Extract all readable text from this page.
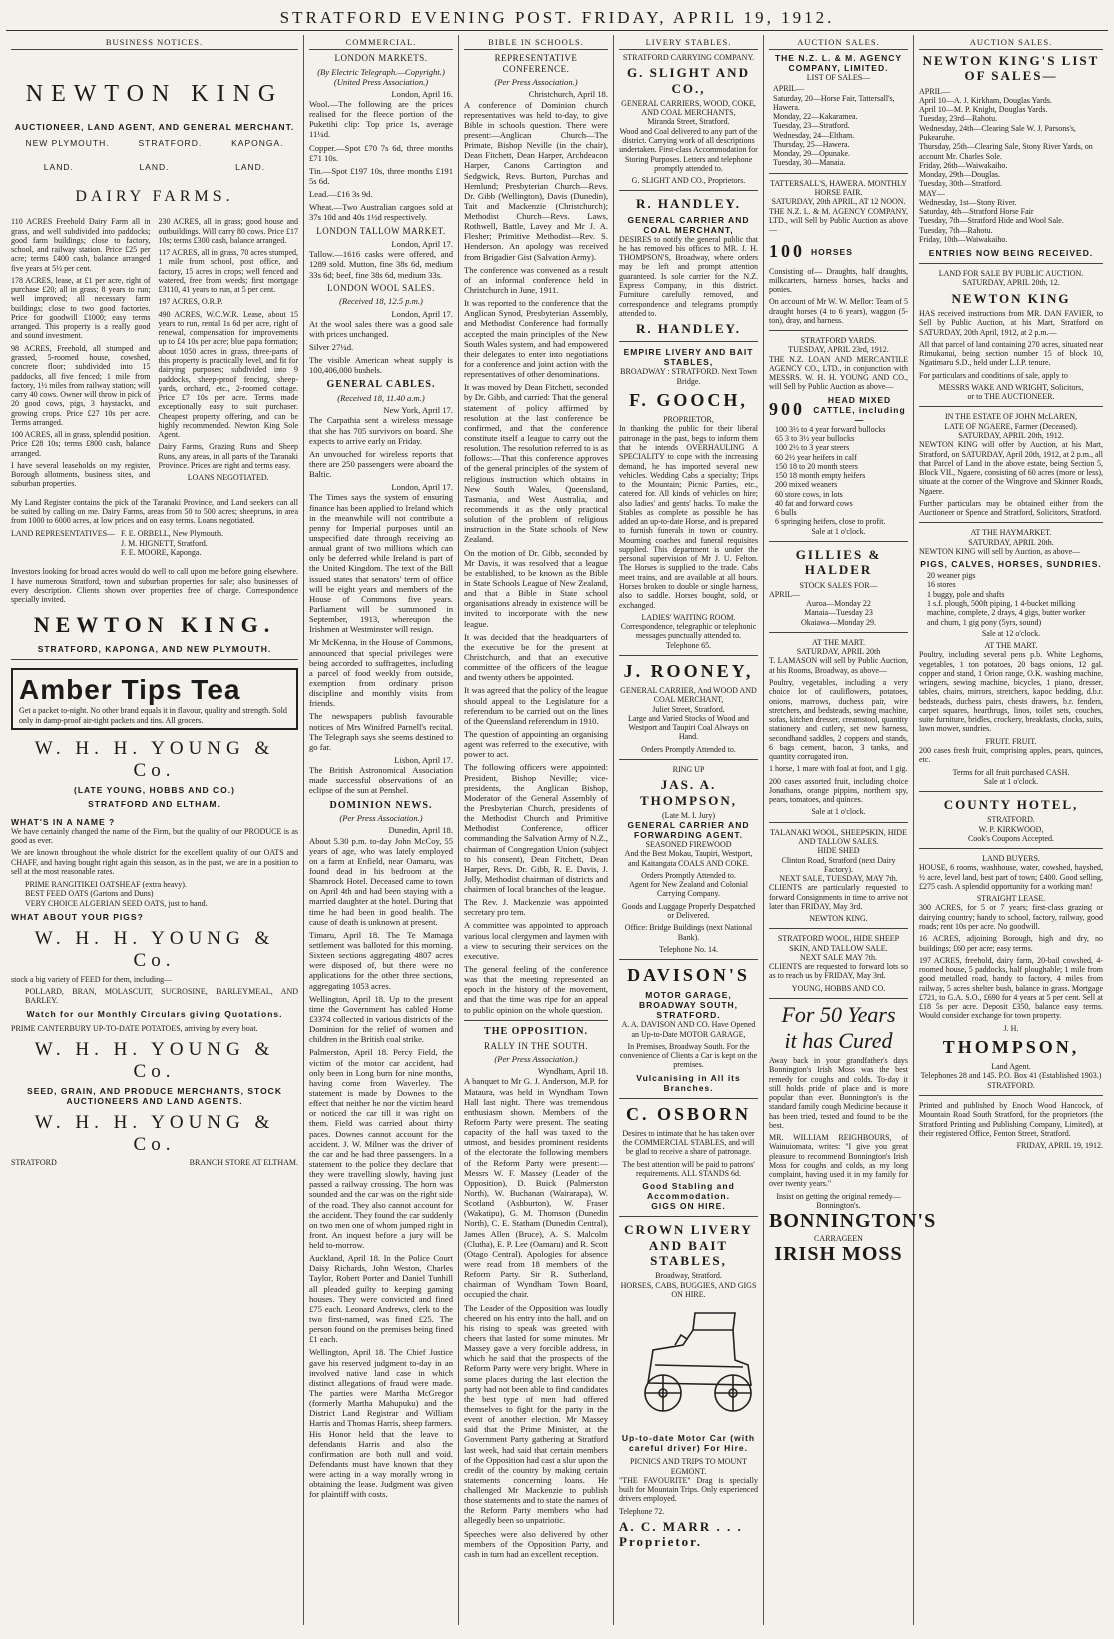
STRATFORD EVENING POST. FRIDAY, APRIL 19, 1912.
BUSINESS NOTICES.
NEWTON KING
AUCTIONEER, LAND AGENT, AND GENERAL MERCHANT.
NEW PLYMOUTH.	STRATFORD.	KAPONGA.
LAND.	LAND.	LAND.
DAIRY FARMS.

110 ACRES Freehold Dairy Farm all in grass, and well subdivided into paddocks; good farm buildings; close to factory, school, and railway station. Price £25 per acre; terms £400 cash, balance arranged five years at 5½ per cent.

178 ACRES, lease, at £1 per acre, right of purchase £20; all in grass; 8 years to run; well improved; all necessary farm buildings; close to two good factories. Price for goodwill £1000; easy terms arranged. This property is a really good and sound investment.

98 ACRES, Freehold, all stumped and grassed, 5-roomed house, cowshed, concrete floor; subdivided into 15 paddocks, all five fenced; 1 mile from factory, 1½ miles from railway station; will carry 40 cows. Owner will throw in pick of 20 good cows, pigs, 3 haystacks, and growing crops. Price £27 10s per acre. Terms arranged.

100 ACRES, all in grass, splendid position. Price £28 10s; terms £800 cash, balance arranged.

I have several leaseholds on my register, Borough allotments, business sites, and suburban properties.

230 ACRES, all in grass; good house and outbuildings. Will carry 80 cows. Price £17 10s; terms £300 cash, balance arranged.

117 ACRES, all in grass, 70 acres stumped, 1 mile from school, post office, and factory, 15 acres in crops; well fenced and watered, free from weeds; first mortgage £3110, 41 years to run, at 5 per cent.

197 ACRES, O.R.P.

490 ACRES, W.C.W.R. Lease, about 15 years to run, rental 1s 6d per acre, right of renewal, compensation for improvements up to £4 10s per acre; blue papa formation; about 1050 acres in grass, three-parts of this property is practically level, and fit for dairying purposes; subdivided into 9 paddocks, sheep-proof fencing, sheep-yards, orchard, etc., 2-roomed cottage. Price £7 10s per acre. Terms made exceptionally easy to suit purchaser. Cheapest property offering, and can be highly recommended. Newton King Sole Agent.

Dairy Farms, Grazing Runs and Sheep Runs, any areas, in all parts of the Taranaki Province. Prices are right and terms easy.

LOANS NEGOTIATED.

My Land Register contains the pick of the Taranaki Province, and Land seekers can all be suited by calling on me. Dairy Farms, areas from 50 to 500 acres; sheepruns, in area from 1000 to 6000 acres, at low prices and on easy terms. Loans negotiated.

LAND REPRESENTATIVES— F. E. ORBELL, New Plymouth.
J. M. HIGNETT, Stratford.
F. E. MOORE, Kaponga.

Investors looking for broad acres would do well to call upon me before going elsewhere. I have numerous Stratford, town and suburban properties for sale; also businesses of every description. Clients shown over properties free of charge. Correspondence specially invited.

NEWTON KING.
STRATFORD, KAPONGA, AND NEW PLYMOUTH.
Amber Tips Tea
Get a packet to-night. No other brand equals it in flavour, quality and strength. Sold only in damp-proof air-tight packets and tins. All grocers.
W. H. H. YOUNG & Co.
(LATE YOUNG, HOBBS AND CO.)
STRATFORD AND ELTHAM.
WHAT'S IN A NAME ?

We have certainly changed the name of the Firm, but the quality of our PRODUCE is as good as ever.

We are known throughout the whole district for the excellent quality of our OATS and CHAFF, and having bought right again this season, as in the past, we are in a position to sell at the most reasonable rates.

PRIME RANGITIKEI OATSHEAF (extra heavy).
BEST FEED OATS (Gartons and Duns)
VERY CHOICE ALGERIAN SEED OATS, just to hand.
WHAT ABOUT YOUR PIGS?
W. H. H. YOUNG & Co.

stock a big variety of FEED for them, including—

POLLARD, BRAN, MOLASCUIT, SUCROSINE, BARLEYMEAL, AND BARLEY.

Watch for our Monthly Circulars giving Quotations.

PRIME CANTERBURY UP-TO-DATE POTATOES, arriving by every boat.

W. H. H. YOUNG & Co.
SEED, GRAIN, AND PRODUCE MERCHANTS, STOCK AUCTIONEERS AND LAND AGENTS.
W. H. H. YOUNG & Co.
STRATFORD	BRANCH STORE AT ELTHAM.
COMMERCIAL.
LONDON MARKETS.
(By Electric Telegraph.—Copyright.) (United Press Association.)

London, April 16.

Wool.—The following are the prices realised for the fleece portion of the Puketihi clip: Top price 1s, average 11¼d.

Copper.—Spot £70 7s 6d, three months £71 10s.

Tin.—Spot £197 10s, three months £191 5s 6d.

Lead.—£16 3s 9d.

Wheat.—Two Australian cargoes sold at 37s 10d and 40s 1½d respectively.

LONDON TALLOW MARKET.

London, April 17.

Tallow.—1616 casks were offered, and 1289 sold. Mutton, fine 38s 6d, medium 33s 6d; beef, fine 38s 6d, medium 33s.

LONDON WOOL SALES.
(Received 18, 12.5 p.m.)

London, April 17.

At the wool sales there was a good sale with prices unchanged.

Silver 27¼d.

The visible American wheat supply is 100,406,000 bushels.

GENERAL CABLES.
(Received 18, 11.40 a.m.)

New York, April 17.

The Carpathia sent a wireless message that she has 705 survivors on board. She expects to arrive early on Friday.

An unvouched for wireless reports that there are 250 passengers were aboard the Baltic.

London, April 17.

The Times says the system of ensuring finance has been applied to Ireland which in the meanwhile will not contribute a penny for Imperial purposes until an unspecified date through receiving an annual grant of two millions which can only be deferred while Ireland is part of the United Kingdom. The text of the Bill issued states that senators' term of office will be eight years and members of the House of Commons five years. Parliament will be summoned in September, 1913, whereupon the Irishmen at Westminster will resign.

Mr McKenna, in the House of Commons, announced that special privileges were being accorded to suffragettes, including a parcel of food weekly from outside, exemption from ordinary prison discipline and monthly visits from friends.

The newspapers publish favourable notices of Mrs Winifred Parnell's recital. The Telegraph says she seems destined to go far.

Lisbon, April 17.

The British Astronomical Association made successful observations of an eclipse of the sun at Penshel.

DOMINION NEWS.
(Per Press Association.)

Dunedin, April 18.

About 5.30 p.m. to-day John McCoy, 55 years of age, who was lately employed on a farm at Enfield, near Oamaru, was found dead in his bedroom at the Shamrock Hotel. Deceased came to town on April 4th and had been staying with a married daughter at the hotel. During that time he had been in good health. The cause of death is unknown at present.

Timaru, April 18. The Te Mamaga settlement was balloted for this morning. Sixteen sections aggregating 4807 acres were disposed of, but there were no applications for the other three sections, aggregating 1053 acres.

Wellington, April 18. Up to the present time the Government has cabled Home £3374 collected in various districts of the Dominion for the relief of women and children in the British coal strike.

Palmerston, April 18. Percy Field, the victim of the motor car accident, had only been in Long burn for nine months, having come from Waverley. The statement is made by Downes to the effect that neither he nor the victim heard or noticed the car till it was right on them. Field was carried about thirty paces. Downes cannot account for the accident. J. W. Milner was the driver of the car and he had three passengers. In a statement to the police they declare that they were travelling slowly, having just passed a railway crossing. The horn was sounded and the car was on the right side of the road. They also cannot account for the accident. They found the car suddenly on two men one of whom jumped right in front. An inquest before a jury will be held to-morrow.

Auckland, April 18. In the Police Court Daisy Richards, John Weston, Charles Taylor, Robert Porter and Daniel Tunhill all pleaded guilty to keeping gaming houses. They were convicted and fined £75 each. Leonard Andrews, clerk to the two first-named, was fined £25. The person found on the premises being fined £1 each.

Wellington, April 18. The Chief Justice gave his reserved judgment to-day in an involved native land case in which distinct allegations of fraud were made. The parties were Martha McGregor (formerly Martha Mahupuku) and the District Land Registrar and William Harris and Thomas Harris, sheep farmers. His Honor held that the leave to defendants Harris and also the confirmation are both null and void. Defendants must have known that they were acting in a way morally wrong in obtaining the lease. Judgment was given for plaintiff with costs.

BIBLE IN SCHOOLS.
REPRESENTATIVE CONFERENCE.
(Per Press Association.)

Christchurch, April 18.

A conference of Dominion church representatives was held to-day, to give Bible in schools question. There were present:—Anglican Church—The Primate, Bishop Neville (in the chair), Dean Fitchett, Dean Harper, Archdeacon Harper, Canons Carrington and Sedgwick, Revs. Burton, Purchas and Hemlund; Presbyterian Church—Revs. Dr. Gibb (Wellington), Davis (Dunedin), Tait and Mackenzie (Christchurch); Methodist Church—Revs. Laws, Rothwell, Battle, Lavey and Mr J. A. Flesher; Primitive Methodist—Rev. S. Henderson. An apology was received from Brigadier Gist (Salvation Army).

The conference was convened as a result of an informal conference held in Christchurch in June, 1911.

It was reported to the conference that the Anglican Synod, Presbyterian Assembly, and Methodist Conference had formally accepted the main principles of the New South Wales system, and had empowered their delegates to enter into negotiations for a conference and joint action with the representatives of other denominations.

It was moved by Dean Fitchett, seconded by Dr. Gibb, and carried: That the general statement of policy affirmed by resolution at the last conference be confirmed, and that the conference constitute itself a league to carry out the resolution. The resolution referred to is as follows:—That this conference approves of the general principles of the system of religious instruction which obtains in New South Wales, Queensland, Tasmania, and West Australia, and recommends it as the only practical solution of the problem of religious instruction in the State schools of New Zealand.

On the motion of Dr. Gibb, seconded by Mr Davis, it was resolved that a league be established, to be known as the Bible in State Schools League of New Zealand, and that a Bible in State school organisations already in existence will be invited to incorporate with the new league.

It was decided that the headquarters of the executive be for the present at Christchurch, and that an executive committee of the officers of the league and twenty others be appointed.

It was agreed that the policy of the league should appeal to the Legislature for a referendum to be carried out on the lines of the Queensland referendum in 1910.

The question of appointing an organising agent was referred to the executive, with power to act.

The following officers were appointed: President, Bishop Neville; vice-presidents, the Anglican Bishop, Moderator of the General Assembly of the Presbyterian Church, presidents of the Methodist Church and Primitive Methodist Conference, officer commanding the Salvation Army of N.Z., chairman of Congregation Union (subject to his consent), Dean Fitchett, Dean Harper, Revs. Dr. Gibb, R. E. Davis, J. Jolly, Methodist chairman of districts and chairmen of local branches of the league.

The Rev. J. Mackenzie was appointed secretary pro tem.

A committee was appointed to approach various local clergymen and laymen with a view to securing their services on the executive.

The general feeling of the conference was that the meeting represented an epoch in the history of the movement, and that the time was ripe for an appeal to public opinion on the whole question.

THE OPPOSITION.
RALLY IN THE SOUTH.
(Per Press Association.)

Wyndham, April 18.

A banquet to Mr G. J. Anderson, M.P. for Mataura, was held in Wyndham Town Hall last night. There was tremendous enthusiasm shown. Members of the Reform Party were present. The seating capacity of the hall was taxed to the utmost, and besides prominent residents of the electorate the following members of the Reform Party were present:—Messrs W. F. Massey (Leader of the Opposition), D. Buick (Palmerston North), W. Buchanan (Wairarapa), W. Scotland (Ashburton), W. Fraser (Wakatipu), G. M. Thomson (Dunedin North), C. E. Statham (Dunedin Central), James Allen (Bruce), A. S. Malcolm (Clutha), E. P. Lee (Oamaru) and R. Scott (Otago Central). Apologies for absence were read from 18 members of the Reform Party. Sir R. Sutherland, chairman of Wyndham Town Board, occupied the chair.

The Leader of the Opposition was loudly cheered on his entry into the hall, and on his rising to speak was greeted with cheers that lasted for some minutes. Mr Massey gave a very forcible address, in which he said that the prospects of the Reform Party were very bright. Where in some places during the last election the party had not been able to find candidates the best type of men had offered themselves to fight for the party in the event of another election. Mr Massey said that the Prime Minister, at the Government Party gathering at Stratford last week, had said that certain members of the Opposition had cast a slur upon the credit of the country by making certain statements concerning loans. He challenged Mr Mackenzie to publish those statements and to state the names of the Reform Party members who had allegedly been so unpatriotic.

Speeches were also delivered by other members of the Opposition Party, and cash in turn had an excellent reception.

LIVERY STABLES.
STRATFORD CARRYING COMPANY.
G. SLIGHT AND CO.,
GENERAL CARRIERS, WOOD, COKE, AND COAL MERCHANTS,
Miranda Street, Stratford.

Wood and Coal delivered to any part of the district. Carrying work of all descriptions undertaken. First-class Accommodation for Storing Purposes. Letters and telephone promptly attended to.

G. SLIGHT AND CO., Proprietors.
R. HANDLEY.
GENERAL CARRIER AND COAL MERCHANT,

DESIRES to notify the general public that he has removed his offices to MR. J. H. THOMPSON'S, Broadway, where orders may be left and prompt attention guaranteed. Is sole carrier for the N.Z. Express Company, in this district. Furniture carefully removed, and correspondence and telegrams promptly attended to.

R. HANDLEY.
EMPIRE LIVERY AND BAIT STABLES,
BROADWAY : STRATFORD. Next Town Bridge.
F. GOOCH,
PROPRIETOR,

In thanking the public for their liberal patronage in the past, begs to inform them that he intends OVERHAULING A SPECIALITY to cope with the increasing demand, he has imported several new vehicles. Wedding Cabs a specialty; Trips to the Mountain; Picnic Parties, etc., catered for. All kinds of vehicles on hire; also ladies' and gents' hacks. To make the Stables as complete as possible he has added an up-to-date Horse, and is prepared to furnish funerals in town or country. Mourning coaches and funeral requisites supplied. This department is under the personal supervision of Mr J. U. Felton. The Horses is supplied to the trade. Cabs meet trains, and are available at all hours. Horses broken to double or single harness, also to saddle. Horses bought, sold, or exchanged.

LADIES' WAITING ROOM.

Correspondence, telegraphic or telephonic messages punctually attended to. Telephone 65.

J. ROONEY,
GENERAL CARRIER, And WOOD AND COAL MERCHANT,
Juliet Street, Stratford.

Large and Varied Stocks of Wood and Westport and Taupiri Coal Always on Hand.

Orders Promptly Attended to.
RING UP
JAS. A. THOMPSON,
(Late M. I. Jury)
GENERAL CARRIER AND FORWARDING AGENT.
SEASONED FIREWOOD

And the Best Mokau, Taupiri, Westport, and Kaitangata COALS AND COKE.

Orders Promptly Attended to.

Agent for New Zealand and Colonial Carrying Company.

Goods and Luggage Properly Despatched or Delivered.

Office: Bridge Buildings (next National Bank).

Telephone No. 14.
DAVISON'S
MOTOR GARAGE, BROADWAY SOUTH, STRATFORD.

A. A. DAVISON AND CO. Have Opened an Up-to-Date MOTOR GARAGE,

In Premises, Broadway South. For the convenience of Clients a Car is kept on the premises.

Vulcanising in All its Branches.
C. OSBORN

Desires to intimate that he has taken over the COMMERCIAL STABLES, and will be glad to receive a share of patronage.

The best attention will be paid to patrons' requirements. ALL STANDS 6d.

Good Stabling and Accommodation.
GIGS ON HIRE.
CROWN LIVERY AND BAIT STABLES,
Broadway, Stratford.
HORSES, CABS, BUGGIES, AND GIGS ON HIRE.
Up-to-date Motor Car (with careful driver) For Hire.
PICNICS AND TRIPS TO MOUNT EGMONT.

"THE FAVOURITE" Drag is specially built for Mountain Trips. Only experienced drivers employed.

Telephone 72.
A. C. MARR . . . Proprietor.
AUCTION SALES.
THE N.Z. L. & M. AGENCY COMPANY, LIMITED.
LIST OF SALES—
APRIL—
Saturday, 20—Horse Fair, Tattersall's, Hawera.
Monday, 22—Kakaramea.
Tuesday, 23—Stratford.
Wednesday, 24—Eltham.
Thursday, 25—Hawera.
Monday, 29—Opunake.
Tuesday, 30—Manaia.
TATTERSALL'S, HAWERA. MONTHLY HORSE FAIR.
SATURDAY, 20th APRIL, AT 12 NOON.

THE N.Z. L. & M. AGENCY COMPANY, LTD., will Sell by Public Auction as above—

100 HORSES

Consisting of— Draughts, half draughts, milkcarters, harness horses, hacks and ponies.

On account of Mr W. W. Mellor: Team of 5 draught horses (4 to 6 years), waggon (5-ton), dray, and harness.

STRATFORD YARDS.
TUESDAY, APRIL 23rd, 1912.

THE N.Z. LOAN AND MERCANTILE AGENCY CO., LTD., in conjunction with MESSRS. W. H. H. YOUNG AND CO., will Sell by Public Auction as above—

900	HEAD MIXED CATTLE, including—
100 3½ to 4 year forward bullocks
65 3 to 3½ year bullocks
100 2½ to 3 year steers
60 2½ year heifers in calf
150 18 to 20 month steers
150 18 month empty heifers
200 mixed weaners
60 store cows, in lots
40 fat and forward cows
6 bulls
6 springing heifers, close to profit.
Sale at 1 o'clock.
GILLIES & HALDER
STOCK SALES FOR—
APRIL—
Auroa—Monday 22
Manaia—Tuesday 23
Okaiawa—Monday 29.
AT THE MART.
SATURDAY, APRIL 20th

T. LAMASON will sell by Public Auction, at his Rooms, Broadway, as above—

Poultry, vegetables, including a very choice lot of cauliflowers, potatoes, onions, marrows, duchess pair, wire stretchers, and bedsteads, sewing machine, sofas, kitchen dresser, creamstool, quantity stationery and cutlery, set new harness, secondhand saddles, 2 coppers and stands, 6 bags cement, bacon, 3 tanks, and quantity corrugated iron.

1 horse, 1 mare with foal at foot, and 1 gig.

200 cases assorted fruit, including choice Jonathans, orange pippins, northern spy, pears, tomatoes, and quinces.

Sale at 1 o'clock.
TALANAKI WOOL, SHEEPSKIN, HIDE AND TALLOW SALES.
HIDE SHED
Clinton Road, Stratford (next Dairy Factory).
NEXT SALE, TUESDAY, MAY 7th.

CLIENTS are particularly requested to forward Consignments in time to arrive not later than FRIDAY, May 3rd.

NEWTON KING.
STRATFORD WOOL, HIDE SHEEP SKIN, AND TALLOW SALE.
NEXT SALE MAY 7th.

CLIENTS are requested to forward lots so as to reach us by FRIDAY, May 3rd.

YOUNG, HOBBS AND CO.
For 50 Years
it has Cured

Away back in your grandfather's days Bonnington's Irish Moss was the best remedy for coughs and colds. To-day it still holds pride of place and is more popular than ever. Bonnington's is the standard family cough Medicine because it has been tried, tested and found to be the best.

MR. WILLIAM REIGHBOURS, of Wainuiomata, writes: "I give you great pleasure to recommend Bonnington's Irish Moss for coughs and colds, as my long complaint, having used it in my family for over twenty years."

Insist on getting the original remedy—Bonnington's.
BONNINGTON'S
CARRAGEEN
IRISH MOSS
AUCTION SALES.
NEWTON KING'S LIST OF SALES—
APRIL—
April 10—A. J. Kirkham, Douglas Yards.
April 10—M. P. Knight, Douglas Yards.
Tuesday, 23rd—Rahotu.
Wednesday, 24th—Clearing Sale W. J. Parsons's, Pukearuhe.
Thursday, 25th—Clearing Sale, Stony River Yards, on account Mr. Charles Sole.
Friday, 26th—Waiwakaiho.
Monday, 29th—Douglas.
Tuesday, 30th—Stratford.
MAY—
Wednesday, 1st—Stony River.
Saturday, 4th—Stratford Horse Fair
Tuesday, 7th—Stratford Hide and Wool Sale.
Tuesday, 7th—Rahotu.
Friday, 10th—Waiwakaiho.
ENTRIES NOW BEING RECEIVED.
LAND FOR SALE BY PUBLIC AUCTION.
SATURDAY, APRIL 20th, 12.
NEWTON KING

HAS received instructions from MR. DAN FAVIER, to Sell by Public Auction, at his Mart, Stratford on SATURDAY, 20th April, 1912, at 2 p.m.—

All that parcel of land containing 270 acres, situated near Rimukanui, being section number 15 of block 10, Ngatimaru S.D., held under L.I.P. tenure.

For particulars and conditions of sale, apply to

MESSRS WAKE AND WRIGHT, Solicitors,
or to THE AUCTIONEER.
IN THE ESTATE OF JOHN McLAREN,
LATE OF NGAERE, Farmer (Deceased).
SATURDAY, APRIL 20th, 1912.

NEWTON KING will offer by Auction, at his Mart, Stratford, on SATURDAY, April 20th, 1912, at 2 p.m., all that Parcel of Land in the above estate, being Section 5, Block VII., Ngaere, consisting of 60 acres (more or less), situate at the corner of the Wingrove and Skinner Roads, Ngaere.

Further particulars may be obtained either from the Auctioneer or Spence and Stratford, Solicitors, Stratford.

AT THE HAYMARKET.
SATURDAY, APRIL 20th.

NEWTON KING will sell by Auction, as above—

PIGS, CALVES, HORSES, SUNDRIES.
20 weaner pigs
16 stores
1 buggy, pole and shafts
1 s.f. plough, 500ft piping, 1 4-bucket milking machine, complete, 2 drays, 4 gigs, butter worker and churn, 1 gig pony (5yrs, sound)
Sale at 12 o'clock.
AT THE MART.

Poultry, including several pens p.b. White Leghorns, vegetables, 1 ton potatoes, 20 bags onions, 12 gal. copper and stand, 1 Orion range, O.K. washing machine, wringers, sewing machine, bicycles, 1 piano, dresser, tables, chairs, mirrors, stretchers, kapoc bedding, d.b.r. bedsteads, duchess pairs, chests drawers, b.r. fenders, carpet squares, hearthrugs, linos, toilet sets, couches, suite furniture, bridles, crockery, breakfasts, clocks, suits, lawn mower, sundries.

FRUIT. FRUIT.

200 cases fresh fruit, comprising apples, pears, quinces, etc.

Terms for all fruit purchased CASH.
Sale at 1 o'clock.
COUNTY HOTEL,
STRATFORD.
W. P. KIRKWOOD,
Cook's Coupons Accepted.
LAND BUYERS.

HOUSE, 6 rooms, washhouse, water, cowshed, hayshed, ½ acre, level land, best part of town; £400. Good selling, £275 cash. A splendid opportunity for a working man!

STRAIGHT LEASE.

300 ACRES, for 5 or 7 years; first-class grazing or dairying country; handy to school, factory, railway, good roads; rent 10s per acre. No goodwill.

16 ACRES, adjoining Borough, high and dry, no buildings; £60 per acre; easy terms.

197 ACRES, freehold, dairy farm, 20-bail cowshed, 4-roomed house, 5 paddocks, half ploughable; 1 mile from good metalled road, handy to factory, 4 miles from railway, 5 acres shelter bush, balance in grass. Mortgage £721, to G.A. S.O., £690 for 4 years at 5 per cent. Sell at £18 5s per acre. Deposit £350, balance easy terms. Would consider exchange for town property.

J. H.
THOMPSON,
Land Agent.
Telephones 28 and 145. P.O. Box 41 (Established 1903.)
STRATFORD.

Printed and published by Enoch Wood Hancock, of Mountain Road South Stratford, for the proprietors (the Stratford Printing and Publishing Company, Limited), at their registered Office, Fenton Street, Stratford.

FRIDAY, APRIL 19, 1912.
